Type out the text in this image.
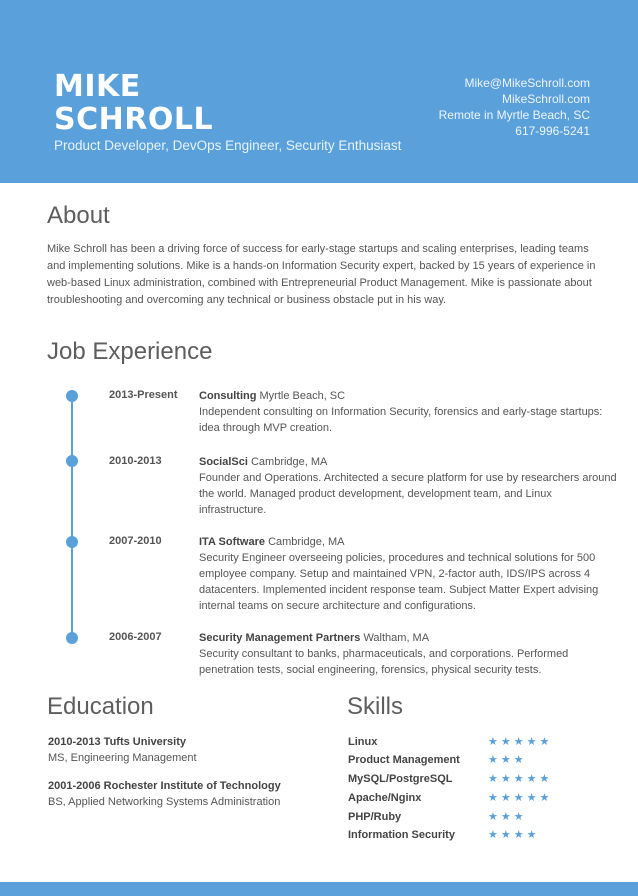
MIKE
SCHROLL
Product Developer, DevOps Engineer, Security Enthusiast
Mike@MikeSchroll.com
MikeSchroll.com
Remote in Myrtle Beach, SC
617-996-5241
About
Mike Schroll has been a driving force of success for early-stage startups and scaling enterprises, leading teams and implementing solutions. Mike is a hands-on Information Security expert, backed by 15 years of experience in web-based Linux administration, combined with Entrepreneurial Product Management. Mike is passionate about troubleshooting and overcoming any technical or business obstacle put in his way.
Job Experience
2013-Present Consulting Myrtle Beach, SC
Independent consulting on Information Security, forensics and early-stage startups: idea through MVP creation.
2010-2013	SocialSci Cambridge, MA
Founder and Operations. Architected a secure platform for use by researchers around the world. Managed product development, development team, and Linux infrastructure.
2007-2010	ITA Software Cambridge, MA
Security Engineer overseeing policies, procedures and technical solutions for 500 employee company. Setup and maintained VPN, 2-factor auth, IDS/IPS across 4 datacenters. Implemented incident response team. Subject Matter Expert advising internal teams on secure architecture and configurations.
2006-2007	Security Management Partners Waltham, MA
Security consultant to banks, pharmaceuticals, and corporations. Performed penetration tests, social engineering, forensics, physical security tests.
Education
2010-2013 Tufts University
MS, Engineering Management
2001-2006 Rochester Institute of Technology
BS, Applied Networking Systems Administration
Skills
Linux	★★★★★
Product Management	★★★
MySQL/PostgreSQL	★★★★★
Apache/Nginx	★★★★★
PHP/Ruby	★★★
Information Security	★★★★
